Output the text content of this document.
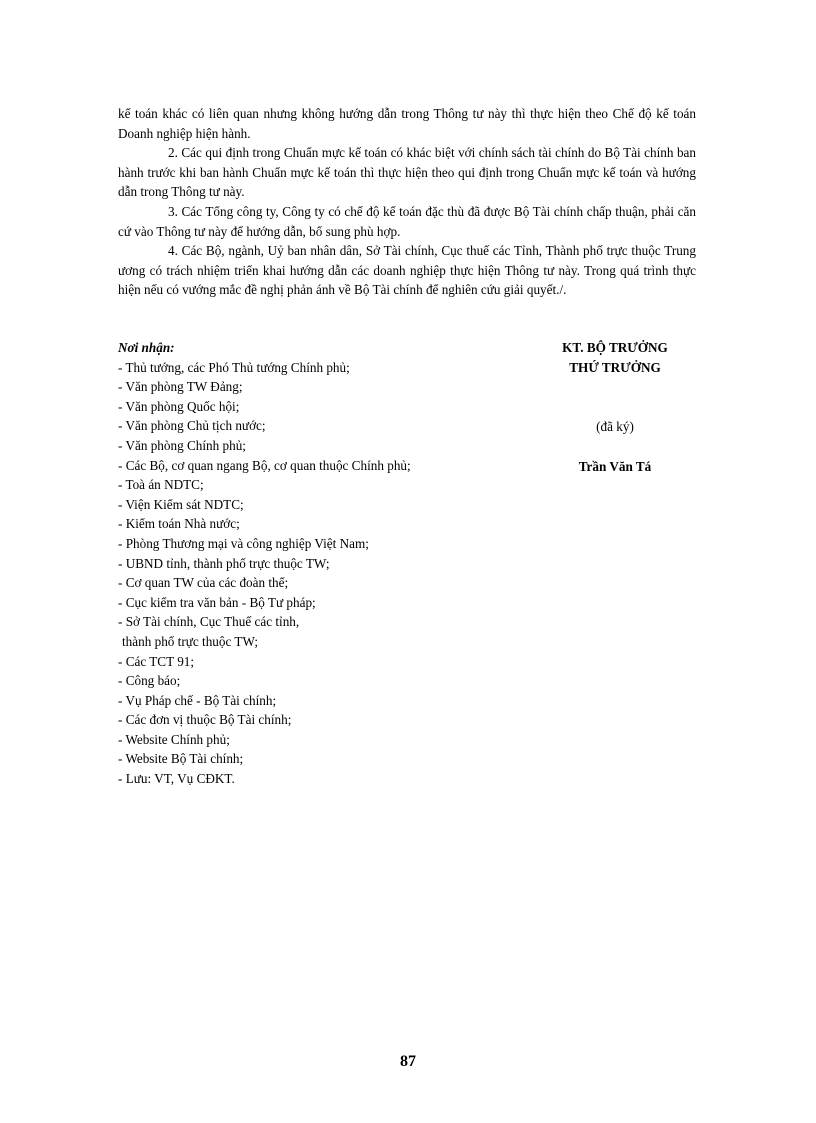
kế toán khác có liên quan nhưng không hướng dẫn trong Thông tư này thì thực hiện theo Chế độ kế toán Doanh nghiệp hiện hành.

2. Các qui định trong Chuẩn mực kế toán có khác biệt với chính sách tài chính do Bộ Tài chính ban hành trước khi ban hành Chuẩn mực kế toán thì thực hiện theo qui định trong Chuẩn mực kế toán và hướng dẫn trong Thông tư này.

3. Các Tổng công ty, Công ty có chế độ kế toán đặc thù đã được Bộ Tài chính chấp thuận, phải căn cứ vào Thông tư này để hướng dẫn, bổ sung phù hợp.

4. Các Bộ, ngành, Uỷ ban nhân dân, Sở Tài chính, Cục thuế các Tỉnh, Thành phố trực thuộc Trung ương có trách nhiệm triển khai hướng dẫn các doanh nghiệp thực hiện Thông tư này. Trong quá trình thực hiện nếu có vướng mắc đề nghị phản ánh về Bộ Tài chính để nghiên cứu giải quyết./.

Nơi nhận:

- Thủ tướng, các Phó Thủ tướng Chính phủ;
- Văn phòng TW Đảng;
- Văn phòng Quốc hội;
- Văn phòng Chủ tịch nước;
- Văn phòng Chính phủ;
- Các Bộ, cơ quan ngang Bộ, cơ quan thuộc Chính phủ;
- Toà án NDTC;
- Viện Kiểm sát NDTC;
- Kiểm toán Nhà nước;
- Phòng Thương mại và công nghiệp Việt Nam;
- UBND tỉnh, thành phố trực thuộc TW;
- Cơ quan TW của các đoàn thể;
- Cục kiểm tra văn bản - Bộ Tư pháp;
- Sở Tài chính, Cục Thuế các tỉnh,
thành phố trực thuộc TW;
- Các TCT 91;
- Công báo;
- Vụ Pháp chế - Bộ Tài chính;
- Các đơn vị thuộc Bộ Tài chính;
- Website Chính phủ;
- Website Bộ Tài chính;
- Lưu: VT, Vụ CĐKT.
KT. BỘ TRƯỞNG
THỨ TRƯỞNG
(đã ký)
Trần Văn Tá
87
